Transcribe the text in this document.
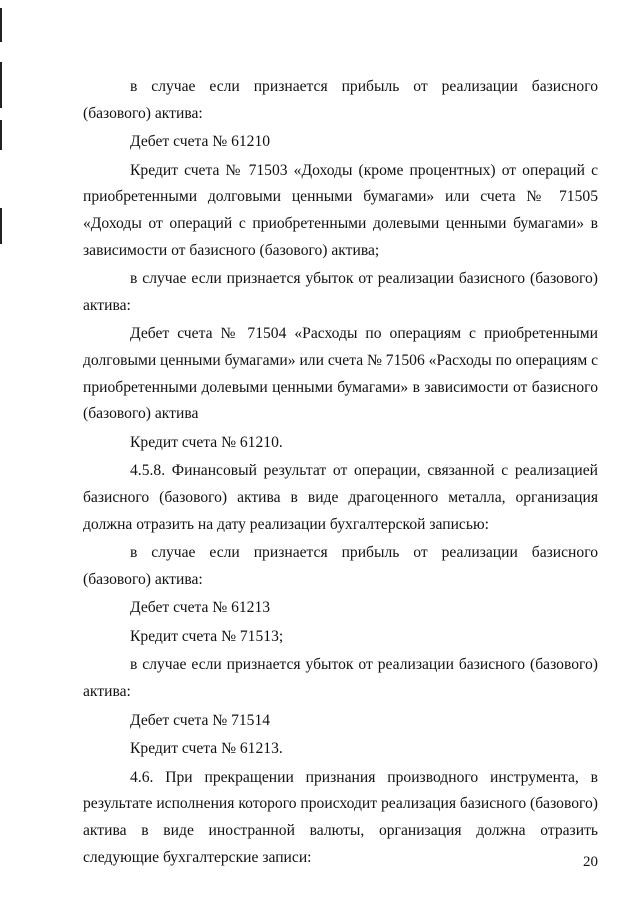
в случае если признается прибыль от реализации базисного (базового) актива:

Дебет счета № 61210

Кредит счета № 71503 «Доходы (кроме процентных) от операций с приобретенными долговыми ценными бумагами» или счета № 71505 «Доходы от операций с приобретенными долевыми ценными бумагами» в зависимости от базисного (базового) актива;

в случае если признается убыток от реализации базисного (базового) актива:

Дебет счета № 71504 «Расходы по операциям с приобретенными долговыми ценными бумагами» или счета № 71506 «Расходы по операциям с приобретенными долевыми ценными бумагами» в зависимости от базисного (базового) актива

Кредит счета № 61210.

4.5.8. Финансовый результат от операции, связанной с реализацией базисного (базового) актива в виде драгоценного металла, организация должна отразить на дату реализации бухгалтерской записью:

в случае если признается прибыль от реализации базисного (базового) актива:

Дебет счета № 61213

Кредит счета № 71513;

в случае если признается убыток от реализации базисного (базового) актива:

Дебет счета № 71514

Кредит счета № 61213.

4.6. При прекращении признания производного инструмента, в результате исполнения которого происходит реализация базисного (базового) актива в виде иностранной валюты, организация должна отразить следующие бухгалтерские записи:	20
